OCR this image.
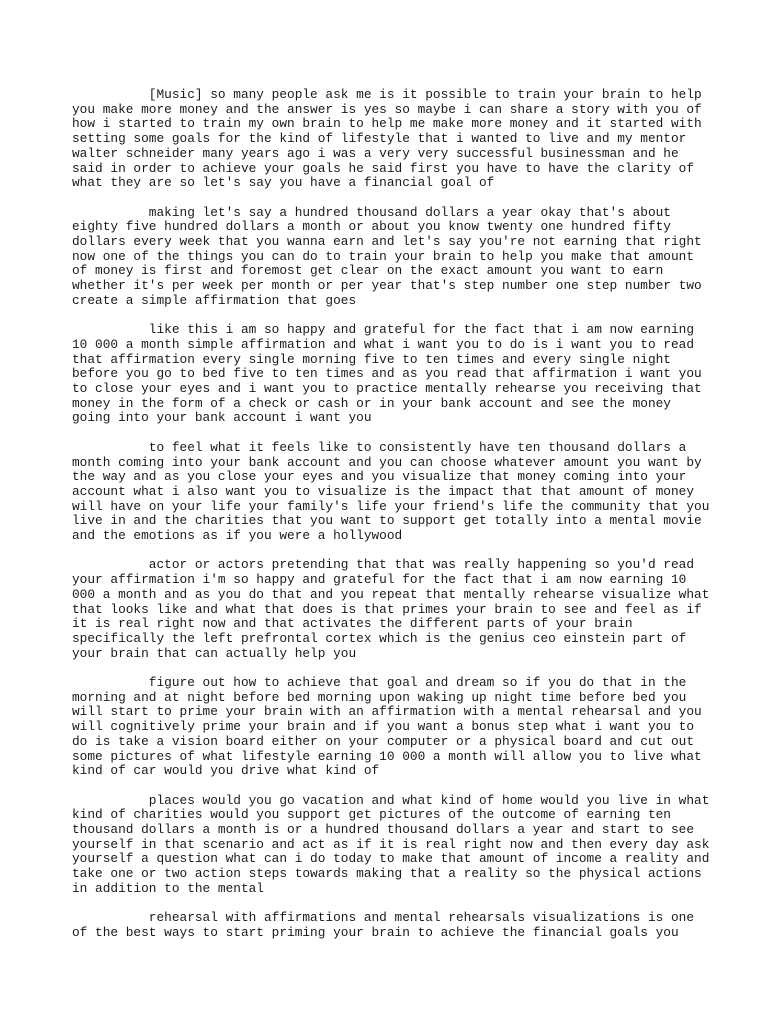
[Music] so many people ask me is it possible to train your brain to help
you make more money and the answer is yes so maybe i can share a story with you of
how i started to train my own brain to help me make more money and it started with
setting some goals for the kind of lifestyle that i wanted to live and my mentor
walter schneider many years ago i was a very very successful businessman and he
said in order to achieve your goals he said first you have to have the clarity of
what they are so let's say you have a financial goal of

making let's say a hundred thousand dollars a year okay that's about
eighty five hundred dollars a month or about you know twenty one hundred fifty
dollars every week that you wanna earn and let's say you're not earning that right
now one of the things you can do to train your brain to help you make that amount
of money is first and foremost get clear on the exact amount you want to earn
whether it's per week per month or per year that's step number one step number two
create a simple affirmation that goes

like this i am so happy and grateful for the fact that i am now earning
10 000 a month simple affirmation and what i want you to do is i want you to read
that affirmation every single morning five to ten times and every single night
before you go to bed five to ten times and as you read that affirmation i want you
to close your eyes and i want you to practice mentally rehearse you receiving that
money in the form of a check or cash or in your bank account and see the money
going into your bank account i want you

to feel what it feels like to consistently have ten thousand dollars a
month coming into your bank account and you can choose whatever amount you want by
the way and as you close your eyes and you visualize that money coming into your
account what i also want you to visualize is the impact that that amount of money
will have on your life your family's life your friend's life the community that you
live in and the charities that you want to support get totally into a mental movie
and the emotions as if you were a hollywood

actor or actors pretending that that was really happening so you'd read
your affirmation i'm so happy and grateful for the fact that i am now earning 10
000 a month and as you do that and you repeat that mentally rehearse visualize what
that looks like and what that does is that primes your brain to see and feel as if
it is real right now and that activates the different parts of your brain
specifically the left prefrontal cortex which is the genius ceo einstein part of
your brain that can actually help you

figure out how to achieve that goal and dream so if you do that in the
morning and at night before bed morning upon waking up night time before bed you
will start to prime your brain with an affirmation with a mental rehearsal and you
will cognitively prime your brain and if you want a bonus step what i want you to
do is take a vision board either on your computer or a physical board and cut out
some pictures of what lifestyle earning 10 000 a month will allow you to live what
kind of car would you drive what kind of

places would you go vacation and what kind of home would you live in what
kind of charities would you support get pictures of the outcome of earning ten
thousand dollars a month is or a hundred thousand dollars a year and start to see
yourself in that scenario and act as if it is real right now and then every day ask
yourself a question what can i do today to make that amount of income a reality and
take one or two action steps towards making that a reality so the physical actions
in addition to the mental

rehearsal with affirmations and mental rehearsals visualizations is one
of the best ways to start priming your brain to achieve the financial goals you
